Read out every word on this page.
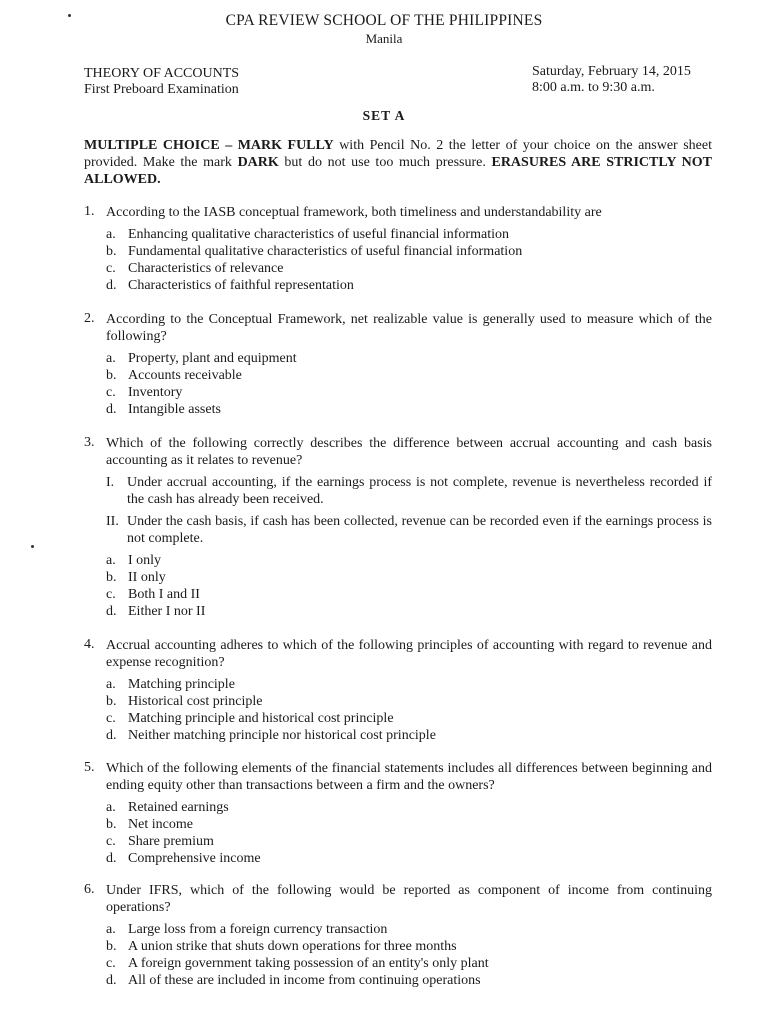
CPA REVIEW SCHOOL OF THE PHILIPPINES
Manila
THEORY OF ACCOUNTS
First Preboard Examination
Saturday, February 14, 2015
8:00 a.m. to 9:30 a.m.
SET A
MULTIPLE CHOICE – MARK FULLY with Pencil No. 2 the letter of your choice on the answer sheet provided. Make the mark DARK but do not use too much pressure. ERASURES ARE STRICTLY NOT ALLOWED.
1. According to the IASB conceptual framework, both timeliness and understandability are
a. Enhancing qualitative characteristics of useful financial information
b. Fundamental qualitative characteristics of useful financial information
c. Characteristics of relevance
d. Characteristics of faithful representation
2. According to the Conceptual Framework, net realizable value is generally used to measure which of the following?
a. Property, plant and equipment
b. Accounts receivable
c. Inventory
d. Intangible assets
3. Which of the following correctly describes the difference between accrual accounting and cash basis accounting as it relates to revenue?
I. Under accrual accounting, if the earnings process is not complete, revenue is nevertheless recorded if the cash has already been received.
II. Under the cash basis, if cash has been collected, revenue can be recorded even if the earnings process is not complete.
a. I only
b. II only
c. Both I and II
d. Either I nor II
4. Accrual accounting adheres to which of the following principles of accounting with regard to revenue and expense recognition?
a. Matching principle
b. Historical cost principle
c. Matching principle and historical cost principle
d. Neither matching principle nor historical cost principle
5. Which of the following elements of the financial statements includes all differences between beginning and ending equity other than transactions between a firm and the owners?
a. Retained earnings
b. Net income
c. Share premium
d. Comprehensive income
6. Under IFRS, which of the following would be reported as component of income from continuing operations?
a. Large loss from a foreign currency transaction
b. A union strike that shuts down operations for three months
c. A foreign government taking possession of an entity's only plant
d. All of these are included in income from continuing operations
